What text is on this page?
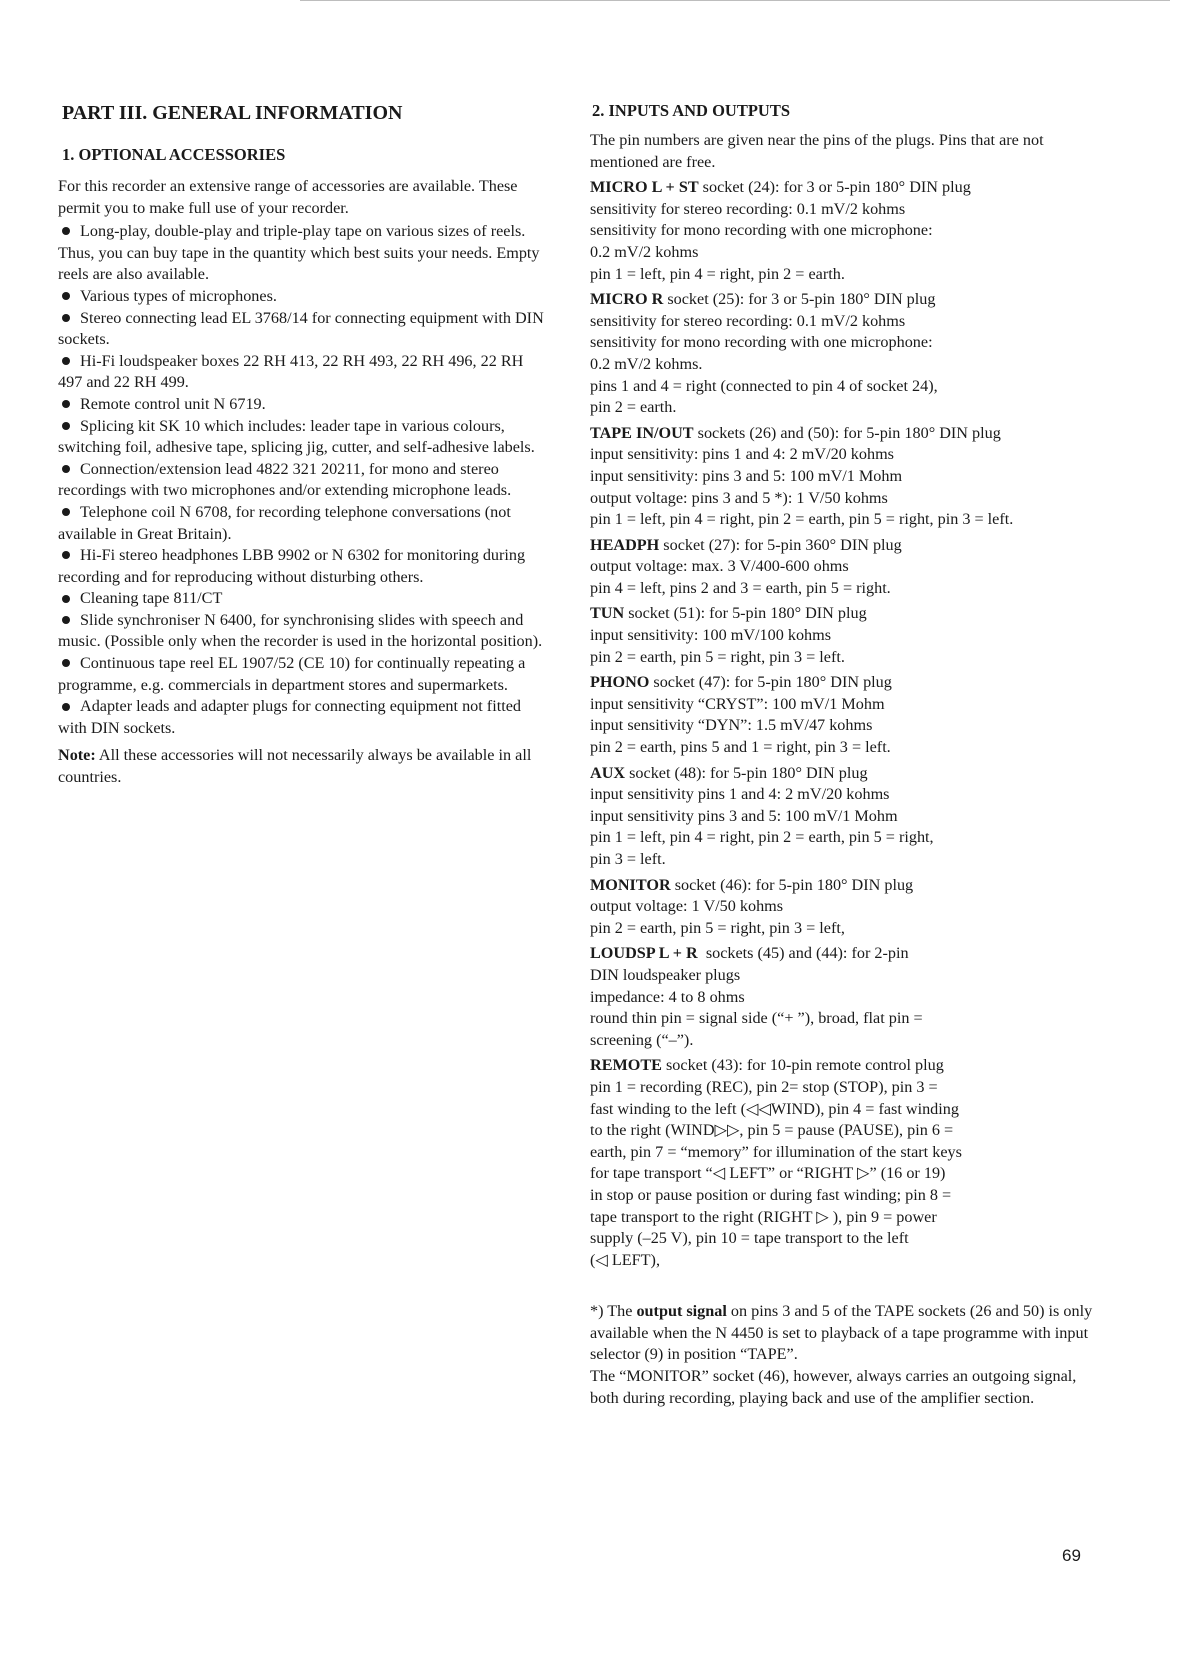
PART III. GENERAL INFORMATION
1. OPTIONAL ACCESSORIES

For this recorder an extensive range of accessories are available. These permit you to make full use of your recorder.

Long-play, double-play and triple-play tape on various sizes of reels. Thus, you can buy tape in the quantity which best suits your needs. Empty reels are also available.

Various types of microphones.

Stereo connecting lead EL 3768/14 for connecting equipment with DIN sockets.

Hi-Fi loudspeaker boxes 22 RH 413, 22 RH 493, 22 RH 496, 22 RH 497 and 22 RH 499.

Remote control unit N 6719.

Splicing kit SK 10 which includes: leader tape in various colours, switching foil, adhesive tape, splicing jig, cutter, and self-adhesive labels.

Connection/extension lead 4822 321 20211, for mono and stereo recordings with two microphones and/or extending microphone leads.

Telephone coil N 6708, for recording telephone conversations (not available in Great Britain).

Hi-Fi stereo headphones LBB 9902 or N 6302 for monitoring during recording and for reproducing without disturbing others.

Cleaning tape 811/CT

Slide synchroniser N 6400, for synchronising slides with speech and music. (Possible only when the recorder is used in the horizontal position).

Continuous tape reel EL 1907/52 (CE 10) for continually repeating a programme, e.g. commercials in department stores and supermarkets.

Adapter leads and adapter plugs for connecting equipment not fitted with DIN sockets.

Note: All these accessories will not necessarily always be available in all countries.

2. INPUTS AND OUTPUTS

The pin numbers are given near the pins of the plugs. Pins that are not mentioned are free.

MICRO L + ST socket (24): for 3 or 5-pin 180° DIN plug
sensitivity for stereo recording: 0.1 mV/2 kohms
sensitivity for mono recording with one microphone:
0.2 mV/2 kohms
pin 1 = left, pin 4 = right, pin 2 = earth.
MICRO R socket (25): for 3 or 5-pin 180° DIN plug
sensitivity for stereo recording: 0.1 mV/2 kohms
sensitivity for mono recording with one microphone:
0.2 mV/2 kohms.
pins 1 and 4 = right (connected to pin 4 of socket 24),
pin 2 = earth.
TAPE IN/OUT sockets (26) and (50): for 5-pin 180° DIN plug
input sensitivity: pins 1 and 4: 2 mV/20 kohms
input sensitivity: pins 3 and 5: 100 mV/1 Mohm
output voltage: pins 3 and 5 *): 1 V/50 kohms
pin 1 = left, pin 4 = right, pin 2 = earth, pin 5 = right, pin 3 = left.
HEADPH socket (27): for 5-pin 360° DIN plug
output voltage: max. 3 V/400-600 ohms
pin 4 = left, pins 2 and 3 = earth, pin 5 = right.
TUN socket (51): for 5-pin 180° DIN plug
input sensitivity: 100 mV/100 kohms
pin 2 = earth, pin 5 = right, pin 3 = left.
PHONO socket (47): for 5-pin 180° DIN plug
input sensitivity “CRYST”: 100 mV/1 Mohm
input sensitivity “DYN”: 1.5 mV/47 kohms
pin 2 = earth, pins 5 and 1 = right, pin 3 = left.
AUX socket (48): for 5-pin 180° DIN plug
input sensitivity pins 1 and 4: 2 mV/20 kohms
input sensitivity pins 3 and 5: 100 mV/1 Mohm
pin 1 = left, pin 4 = right, pin 2 = earth, pin 5 = right,
pin 3 = left.
MONITOR socket (46): for 5-pin 180° DIN plug
output voltage: 1 V/50 kohms
pin 2 = earth, pin 5 = right, pin 3 = left,
LOUDSP L + R  sockets (45) and (44): for 2-pin
DIN loudspeaker plugs
impedance: 4 to 8 ohms
round thin pin = signal side (“+ ”), broad, flat pin =
screening (“–”).
REMOTE socket (43): for 10-pin remote control plug
pin 1 = recording (REC), pin 2= stop (STOP), pin 3 =
fast winding to the left (◁◁WIND), pin 4 = fast winding
to the right (WIND▷▷, pin 5 = pause (PAUSE), pin 6 =
earth, pin 7 = “memory” for illumination of the start keys
for tape transport “◁ LEFT” or “RIGHT ▷” (16 or 19)
in stop or pause position or during fast winding; pin 8 =
tape transport to the right (RIGHT ▷ ), pin 9 = power
supply (–25 V), pin 10 = tape transport to the left
(◁ LEFT),

*) The output signal on pins 3 and 5 of the TAPE sockets (26 and 50) is only available when the N 4450 is set to playback of a tape programme with input selector (9) in position “TAPE”.

The “MONITOR” socket (46), however, always carries an outgoing signal, both during recording, playing back and use of the amplifier section.

69
